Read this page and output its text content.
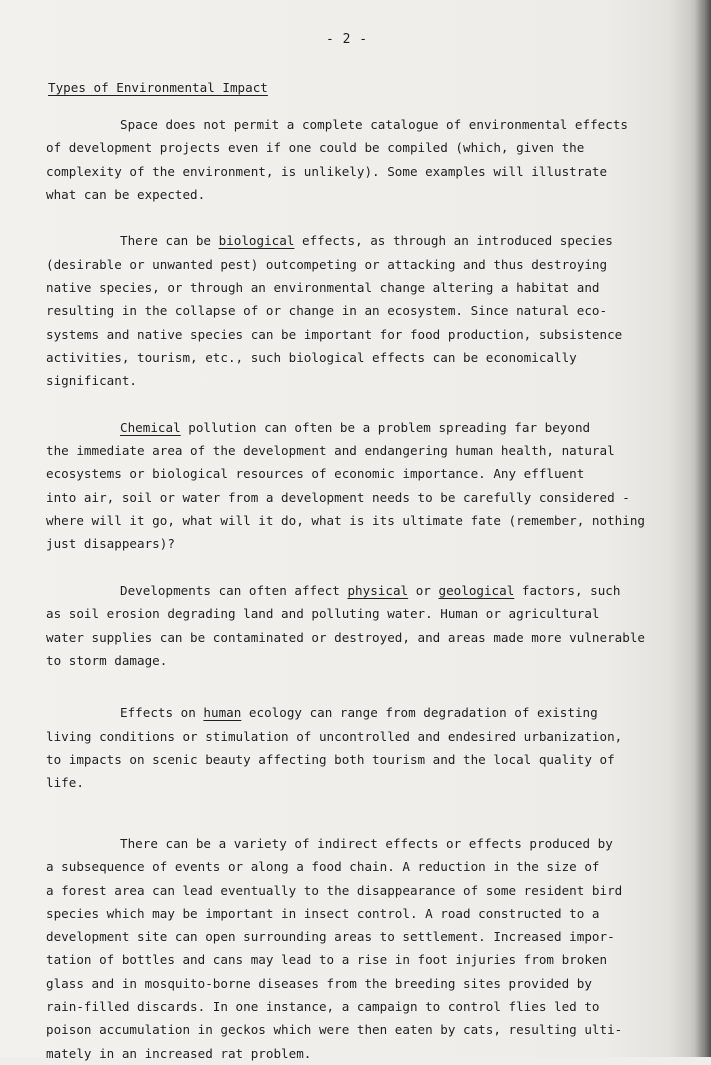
- 2 -
Types of Environmental Impact
Space does not permit a complete catalogue of environmental effects
of development projects even if one could be compiled (which, given the
complexity of the environment, is unlikely). Some examples will illustrate
what can be expected.
There can be biological effects, as through an introduced species
(desirable or unwanted pest) outcompeting or attacking and thus destroying
native species, or through an environmental change altering a habitat and
resulting in the collapse of or change in an ecosystem. Since natural eco-
systems and native species can be important for food production, subsistence
activities, tourism, etc., such biological effects can be economically
significant.
Chemical pollution can often be a problem spreading far beyond
the immediate area of the development and endangering human health, natural
ecosystems or biological resources of economic importance. Any effluent
into air, soil or water from a development needs to be carefully considered -
where will it go, what will it do, what is its ultimate fate (remember, nothing
just disappears)?
Developments can often affect physical or geological factors, such
as soil erosion degrading land and polluting water. Human or agricultural
water supplies can be contaminated or destroyed, and areas made more vulnerable
to storm damage.
Effects on human ecology can range from degradation of existing
living conditions or stimulation of uncontrolled and endesired urbanization,
to impacts on scenic beauty affecting both tourism and the local quality of
life.
There can be a variety of indirect effects or effects produced by
a subsequence of events or along a food chain. A reduction in the size of
a forest area can lead eventually to the disappearance of some resident bird
species which may be important in insect control. A road constructed to a
development site can open surrounding areas to settlement. Increased impor-
tation of bottles and cans may lead to a rise in foot injuries from broken
glass and in mosquito-borne diseases from the breeding sites provided by
rain-filled discards. In one instance, a campaign to control flies led to
poison accumulation in geckos which were then eaten by cats, resulting ulti-
mately in an increased rat problem.
